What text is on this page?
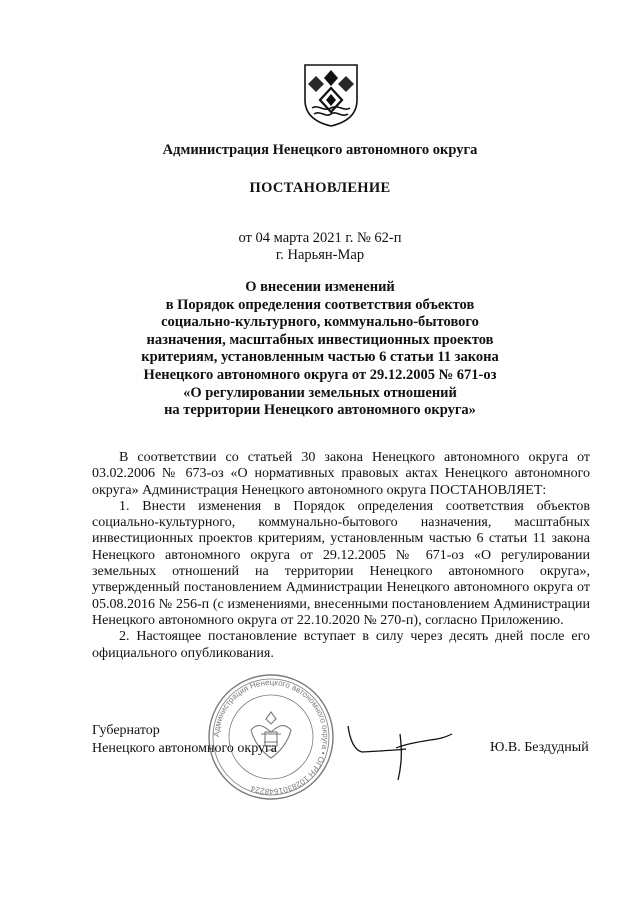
Администрация Ненецкого автономного округа
ПОСТАНОВЛЕНИЕ
от 04 марта 2021 г. № 62-п
г. Нарьян-Мар
О внесении изменений
в Порядок определения соответствия объектов
социально-культурного, коммунально-бытового
назначения, масштабных инвестиционных проектов
критериям, установленным частью 6 статьи 11 закона
Ненецкого автономного округа от 29.12.2005 № 671-оз
«О регулировании земельных отношений
на территории Ненецкого автономного округа»

В соответствии со статьей 30 закона Ненецкого автономного округа от 03.02.2006 № 673-оз «О нормативных правовых актах Ненецкого автономного округа» Администрация Ненецкого автономного округа ПОСТАНОВЛЯЕТ:

1. Внести изменения в Порядок определения соответствия объектов социально-культурного, коммунально-бытового назначения, масштабных инвестиционных проектов критериям, установленным частью 6 статьи 11 закона Ненецкого автономного округа от 29.12.2005 № 671-оз «О регулировании земельных отношений на территории Ненецкого автономного округа», утвержденный постановлением Администрации Ненецкого автономного округа от 05.08.2016 № 256-п (с изменениями, внесенными постановлением Администрации Ненецкого автономного округа от 22.10.2020 № 270-п), согласно Приложению.

2. Настоящее постановление вступает в силу через десять дней после его официального опубликования.

Администрация Ненецкого автономного округа • ОГРН 1028301648224
Губернатор
Ненецкого автономного округа	Ю.В. Бездудный
